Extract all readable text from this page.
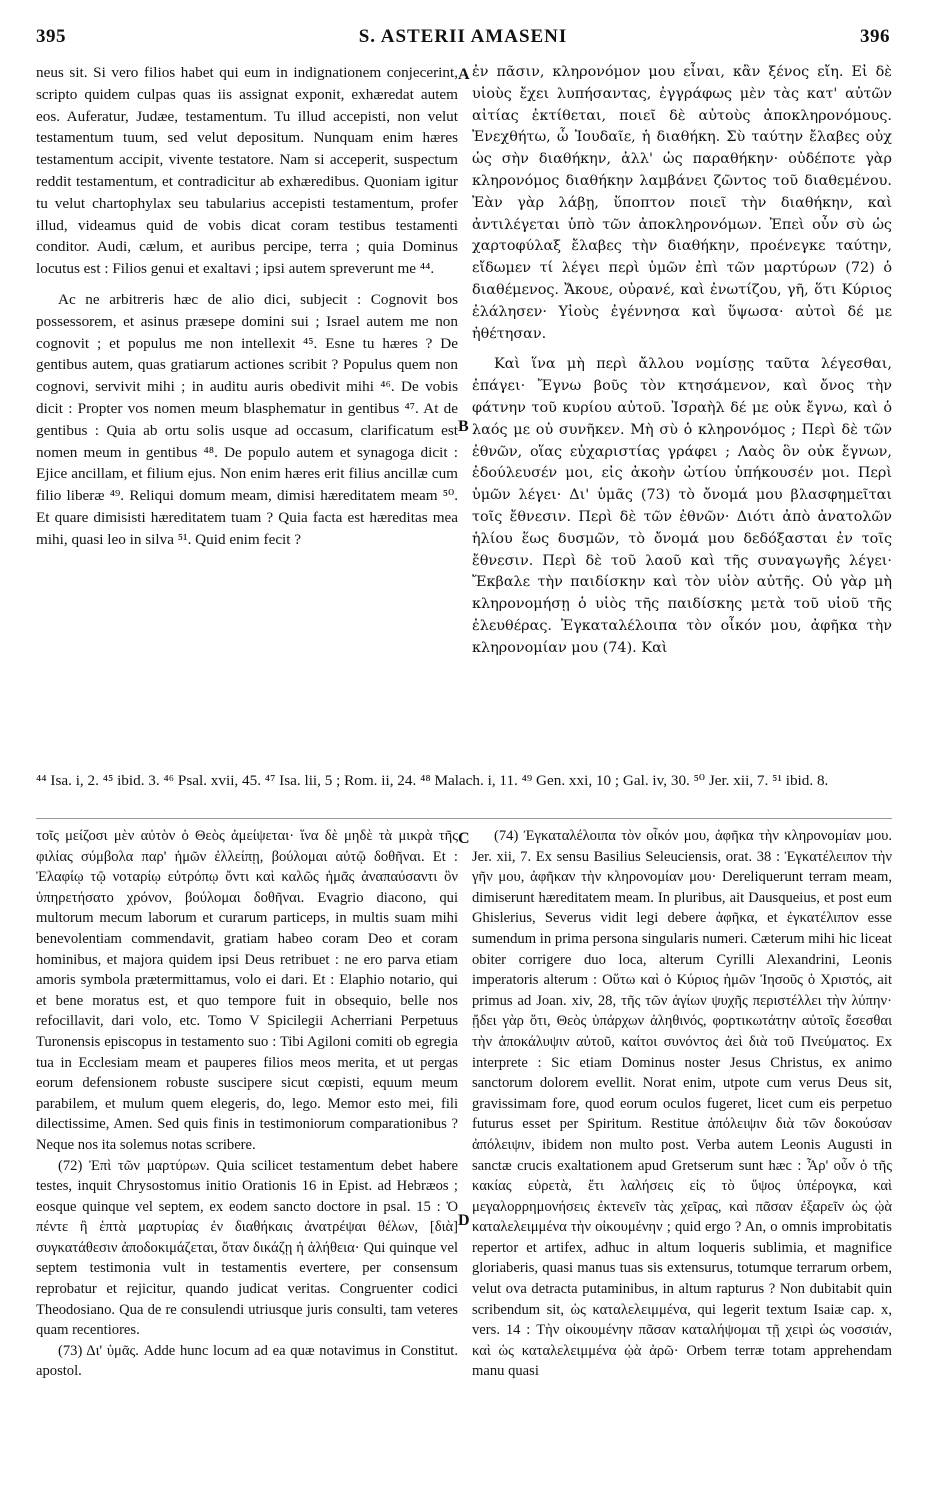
395	S. ASTERII AMASENI	396

neus sit. Si vero filios habet qui eum in indignationem conjecerint, scripto quidem culpas quas iis assignat exponit, exhæredat autem eos. Auferatur, Judæe, testamentum. Tu illud accepisti, non velut testamentum tuum, sed velut depositum. Nunquam enim hæres testamentum accipit, vivente testatore. Nam si acceperit, suspectum reddit testamentum, et contradicitur ab exhæredibus. Quoniam igitur tu velut chartophylax seu tabularius accepisti testamentum, profer illud, videamus quid de vobis dicat coram testibus testamenti conditor. Audi, cælum, et auribus percipe, terra ; quia Dominus locutus est : Filios genui et exaltavi ; ipsi autem spreverunt me ⁴⁴.

Ac ne arbitreris hæc de alio dici, subjecit : Cognovit bos possessorem, et asinus præsepe domini sui ; Israel autem me non cognovit ; et populus me non intellexit ⁴⁵. Esne tu hæres ? De gentibus autem, quas gratiarum actiones scribit ? Populus quem non cognovi, servivit mihi ; in auditu auris obedivit mihi ⁴⁶. De vobis dicit : Propter vos nomen meum blasphematur in gentibus ⁴⁷. At de gentibus : Quia ab ortu solis usque ad occasum, clarificatum est nomen meum in gentibus ⁴⁸. De populo autem et synagoga dicit : Ejice ancillam, et filium ejus. Non enim hæres erit filius ancillæ cum filio liberæ ⁴⁹. Reliqui domum meam, dimisi hæreditatem meam ⁵⁰. Et quare dimisisti hæreditatem tuam ? Quia facta est hæreditas mea mihi, quasi leo in silva ⁵¹. Quid enim fecit ?

A
B

ἐν πᾶσιν, κληρονόμον μου εἶναι, κἂν ξένος εἴη. Εἰ δὲ υἱοὺς ἔχει λυπήσαντας, ἐγγράφως μὲν τὰς κατ' αὐτῶν αἰτίας ἐκτίθεται, ποιεῖ δὲ αὐτοὺς ἀποκληρονόμους. Ἐνεχθήτω, ὦ Ἰουδαῖε, ἡ διαθήκη. Σὺ ταύτην ἔλαβες οὐχ ὡς σὴν διαθήκην, ἀλλ' ὡς παραθήκην· οὐδέποτε γὰρ κληρονόμος διαθήκην λαμβάνει ζῶντος τοῦ διαθεμένου. Ἐὰν γὰρ λάβῃ, ὕποπτον ποιεῖ τὴν διαθήκην, καὶ ἀντιλέγεται ὑπὸ τῶν ἀποκληρονόμων. Ἐπεὶ οὖν σὺ ὡς χαρτοφύλαξ ἔλαβες τὴν διαθήκην, προένεγκε ταύτην, εἴδωμεν τί λέγει περὶ ὑμῶν ἐπὶ τῶν μαρτύρων (72) ὁ διαθέμενος. Ἄκουε, οὐρανέ, καὶ ἐνωτίζου, γῆ, ὅτι Κύριος ἐλάλησεν· Υἱοὺς ἐγέννησα καὶ ὕψωσα· αὐτοὶ δέ με ἠθέτησαν.

Καὶ ἵνα μὴ περὶ ἄλλου νομίσῃς ταῦτα λέγεσθαι, ἐπάγει· Ἔγνω βοῦς τὸν κτησάμενον, καὶ ὄνος τὴν φάτνην τοῦ κυρίου αὐτοῦ. Ἰσραὴλ δέ με οὐκ ἔγνω, καὶ ὁ λαός με οὐ συνῆκεν. Μὴ σὺ ὁ κληρονόμος ; Περὶ δὲ τῶν ἐθνῶν, οἵας εὐχαριστίας γράφει ; Λαὸς ὃν οὐκ ἔγνων, ἐδούλευσέν μοι, εἰς ἀκοὴν ὠτίου ὑπήκουσέν μοι. Περὶ ὑμῶν λέγει· Δι' ὑμᾶς (73) τὸ ὄνομά μου βλασφημεῖται τοῖς ἔθνεσιν. Περὶ δὲ τῶν ἐθνῶν· Διότι ἀπὸ ἀνατολῶν ἡλίου ἕως δυσμῶν, τὸ ὄνομά μου δεδόξασται ἐν τοῖς ἔθνεσιν. Περὶ δὲ τοῦ λαοῦ καὶ τῆς συναγωγῆς λέγει· Ἔκβαλε τὴν παιδίσκην καὶ τὸν υἱὸν αὐτῆς. Οὐ γὰρ μὴ κληρονομήσῃ ὁ υἱὸς τῆς παιδίσκης μετὰ τοῦ υἱοῦ τῆς ἐλευθέρας. Ἐγκαταλέλοιπα τὸν οἶκόν μου, ἀφῆκα τὴν κληρονομίαν μου (74). Καὶ

⁴⁴ Isa. i, 2. ⁴⁵ ibid. 3. ⁴⁶ Psal. xvii, 45. ⁴⁷ Isa. lii, 5 ; Rom. ii, 24. ⁴⁸ Malach. i, 11. ⁴⁹ Gen. xxi, 10 ; Gal. iv, 30. ⁵⁰ Jer. xii, 7. ⁵¹ ibid. 8.

τοῖς μείζοσι μὲν αὐτὸν ὁ Θεὸς ἀμείψεται· ἵνα δὲ μηδὲ τὰ μικρὰ τῆς φιλίας σύμβολα παρ' ἡμῶν ἐλλείπῃ, βούλομαι αὐτῷ δοθῆναι. Et : Ἐλαφίῳ τῷ νοταρίῳ εὐτρόπῳ ὄντι καὶ καλῶς ἡμᾶς ἀναπαύσαντι ὃν ὑπηρετήσατο χρόνον, βούλομαι δοθῆναι. Evagrio diacono, qui multorum mecum laborum et curarum particeps, in multis suam mihi benevolentiam commendavit, gratiam habeo coram Deo et coram hominibus, et majora quidem ipsi Deus retribuet : ne ero parva etiam amoris symbola prætermittamus, volo ei dari. Et : Elaphio notario, qui et bene moratus est, et quo tempore fuit in obsequio, belle nos refocillavit, dari volo, etc. Tomo V Spicilegii Acherriani Perpetuus Turonensis episcopus in testamento suo : Tibi Agiloni comiti ob egregia tua in Ecclesiam meam et pauperes filios meos merita, et ut pergas eorum defensionem robuste suscipere sicut cœpisti, equum meum parabilem, et mulum quem elegeris, do, lego. Memor esto mei, fili dilectissime, Amen. Sed quis finis in testimoniorum comparationibus ? Neque nos ita solemus notas scribere.

(72) Ἐπὶ τῶν μαρτύρων. Quia scilicet testamentum debet habere testes, inquit Chrysostomus initio Orationis 16 in Epist. ad Hebræos ; eosque quinque vel septem, ex eodem sancto doctore in psal. 15 : Ὁ πέντε ἢ ἑπτὰ μαρτυρίας ἐν διαθήκαις ἀνατρέψαι θέλων, [διὰ] συγκατάθεσιν ἀποδοκιμάζεται, ὅταν δικάζῃ ἡ ἀλήθεια· Qui quinque vel septem testimonia vult in testamentis evertere, per consensum reprobatur et rejicitur, quando judicat veritas. Congruenter codici Theodosiano. Qua de re consulendi utriusque juris consulti, tam veteres quam recentiores.

(73) Δι' ὑμᾶς. Adde hunc locum ad ea quæ notavimus in Constitut. apostol.

C
D

(74) Ἐγκαταλέλοιπα τὸν οἶκόν μου, ἀφῆκα τὴν κληρονομίαν μου. Jer. xii, 7. Ex sensu Basilius Seleuciensis, orat. 38 : Ἐγκατέλειπον τὴν γῆν μου, ἀφῆκαν τὴν κληρονομίαν μου· Dereliquerunt terram meam, dimiserunt hæreditatem meam. In pluribus, ait Dausqueius, et post eum Ghislerius, Severus vidit legi debere ἀφῆκα, et ἐγκατέλιπον esse sumendum in prima persona singularis numeri. Cæterum mihi hic liceat obiter corrigere duo loca, alterum Cyrilli Alexandrini, Leonis imperatoris alterum : Οὕτω καὶ ὁ Κύριος ἡμῶν Ἰησοῦς ὁ Χριστός, ait primus ad Joan. xiv, 28, τῆς τῶν ἁγίων ψυχῆς περιστέλλει τὴν λύπην· ᾔδει γὰρ ὅτι, Θεὸς ὑπάρχων ἀληθινός, φορτικωτάτην αὐτοῖς ἔσεσθαι τὴν ἀποκάλυψιν αὐτοῦ, καίτοι συνόντος ἀεὶ διὰ τοῦ Πνεύματος. Ex interprete : Sic etiam Dominus noster Jesus Christus, ex animo sanctorum dolorem evellit. Norat enim, utpote cum verus Deus sit, gravissimam fore, quod eorum oculos fugeret, licet cum eis perpetuo futurus esset per Spiritum. Restitue ἀπόλειψιν διὰ τῶν δοκούσαν ἀπόλειψιν, ibidem non multo post. Verba autem Leonis Augusti in sanctæ crucis exaltationem apud Gretserum sunt hæc : Ἆρ' οὖν ὁ τῆς κακίας εὑρετὰ, ἔτι λαλήσεις εἰς τὸ ὕψος ὑπέρογκα, καὶ μεγαλορρημονήσεις ἐκτενεῖν τὰς χεῖρας, καὶ πᾶσαν ἐξαρεῖν ὡς ᾠὰ καταλελειμμένα τὴν οἰκουμένην ; quid ergo ? An, o omnis improbitatis repertor et artifex, adhuc in altum loqueris sublimia, et magnifice gloriaberis, quasi manus tuas sis extensurus, totumque terrarum orbem, velut ova detracta putaminibus, in altum rapturus ? Non dubitabit quin scribendum sit, ὡς καταλελειμμένα, qui legerit textum Isaiæ cap. x, vers. 14 : Τὴν οἰκουμένην πᾶσαν καταλήψομαι τῇ χειρὶ ὡς νοσσιάν, καὶ ὡς καταλελειμμένα ᾠὰ ἀρῶ· Orbem terræ totam apprehendam manu quasi
